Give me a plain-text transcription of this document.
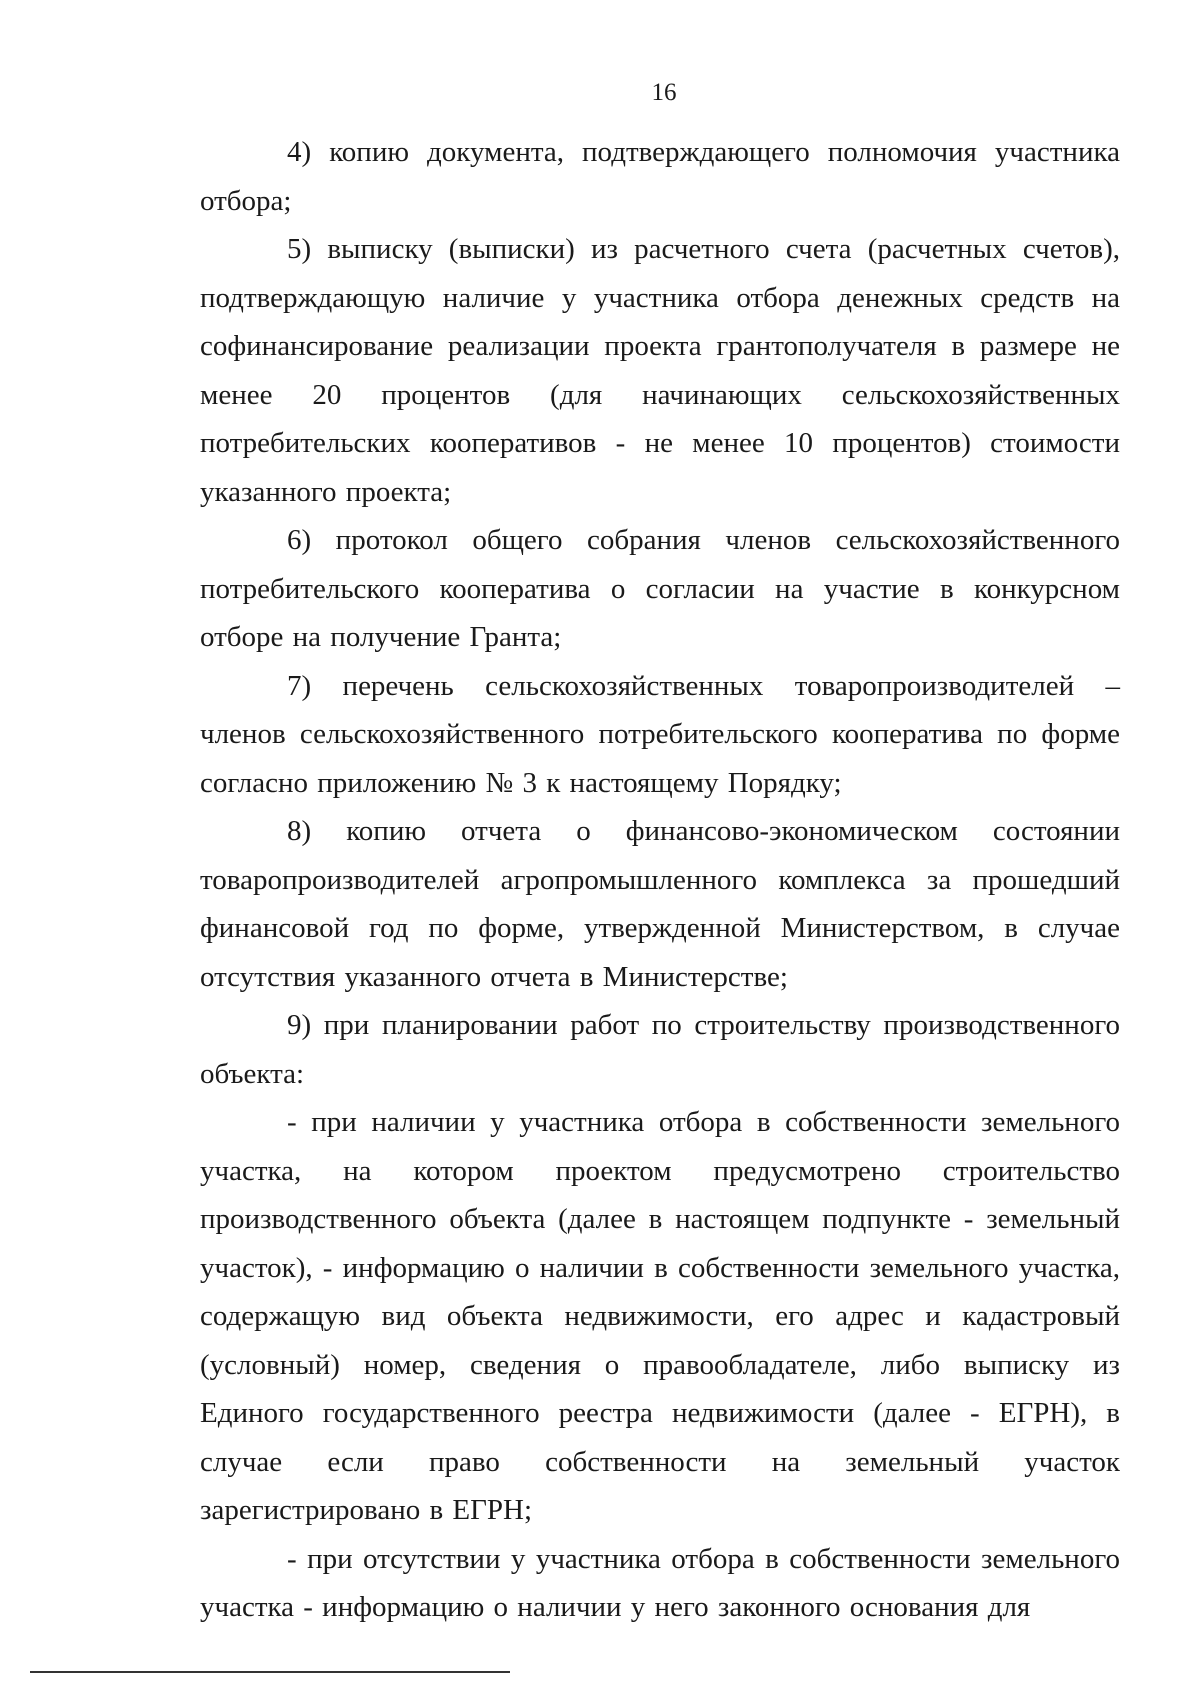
16

4) копию документа, подтверждающего полномочия участника отбора;

5) выписку (выписки) из расчетного счета (расчетных счетов), подтверждающую наличие у участника отбора денежных средств на софинансирование реализации проекта грантополучателя в размере не менее 20 процентов (для начинающих сельскохозяйственных потребительских кооперативов - не менее 10 процентов) стоимости указанного проекта;

6) протокол общего собрания членов сельскохозяйственного потребительского кооператива о согласии на участие в конкурсном отборе на получение Гранта;

7) перечень сельскохозяйственных товаропроизводителей – членов сельскохозяйственного потребительского кооператива по форме согласно приложению № 3 к настоящему Порядку;

8) копию отчета о финансово-экономическом состоянии товаропроизводителей агропромышленного комплекса за прошедший финансовой год по форме, утвержденной Министерством, в случае отсутствия указанного отчета в Министерстве;

9) при планировании работ по строительству производственного объекта:

- при наличии у участника отбора в собственности земельного участка, на котором проектом предусмотрено строительство производственного объекта (далее в настоящем подпункте - земельный участок), - информацию о наличии в собственности земельного участка, содержащую вид объекта недвижимости, его адрес и кадастровый (условный) номер, сведения о правообладателе, либо выписку из Единого государственного реестра недвижимости (далее - ЕГРН), в случае если право собственности на земельный участок зарегистрировано в ЕГРН;

- при отсутствии у участника отбора в собственности земельного участка - информацию о наличии у него законного основания для
